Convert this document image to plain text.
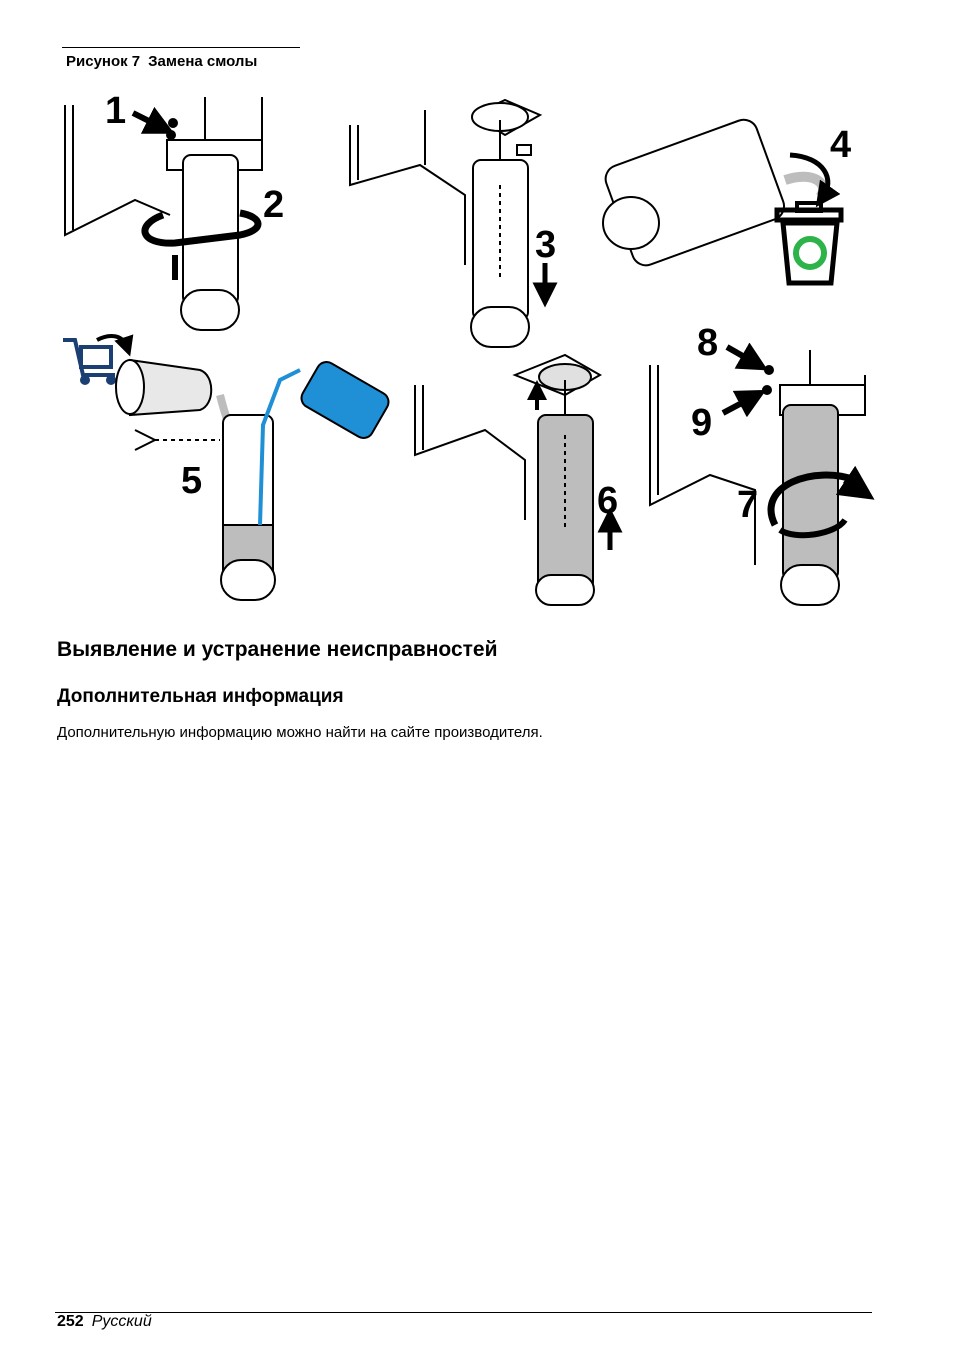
Рисунок 7 Замена смолы
1
2
3
4
5	6
8
9
7
Выявление и устранение неисправностей
Дополнительная информация
Дополнительную информацию можно найти на сайте производителя.
252 Русский
